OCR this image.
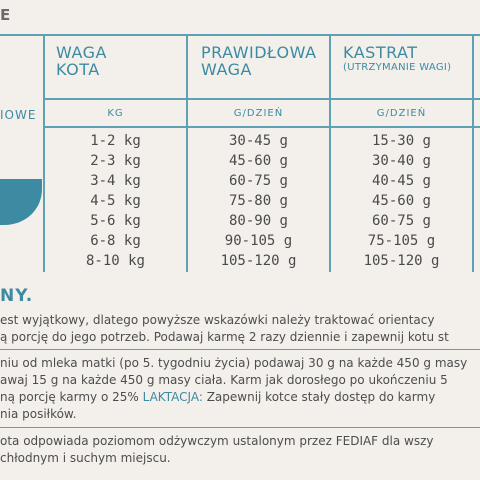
E
IOWE
WAGA
KOTA
KG
1-2 kg
2-3 kg
3-4 kg
4-5 kg
5-6 kg
6-8 kg
8-10 kg
PRAWIDŁOWA
WAGA
G/DZIEŃ
30-45 g
45-60 g
60-75 g
75-80 g
80-90 g
90-105 g
105-120 g
KASTRAT
(UTRZYMANIE WAGI)
G/DZIEŃ
15-30 g
30-40 g
40-45 g
45-60 g
60-75 g
75-105 g
105-120 g
NY.
est wyjątkowy, dlatego powyższe wskazówki należy traktować orientacy
ą porcję do jego potrzeb. Podawaj karmę 2 razy dziennie i zapewnij kotu st
niu od mleka matki (po 5. tygodniu życia) podawaj 30 g na każde 450 g masy
awaj 15 g na każde 450 g masy ciała. Karm jak dorosłego po ukończeniu 5
ną porcję karmy o 25% LAKTACJA: Zapewnij kotce stały dostęp do karmy
nia posiłków.
ota odpowiada poziomom odżywczym ustalonym przez FEDIAF dla wszy
chłodnym i suchym miejscu.
